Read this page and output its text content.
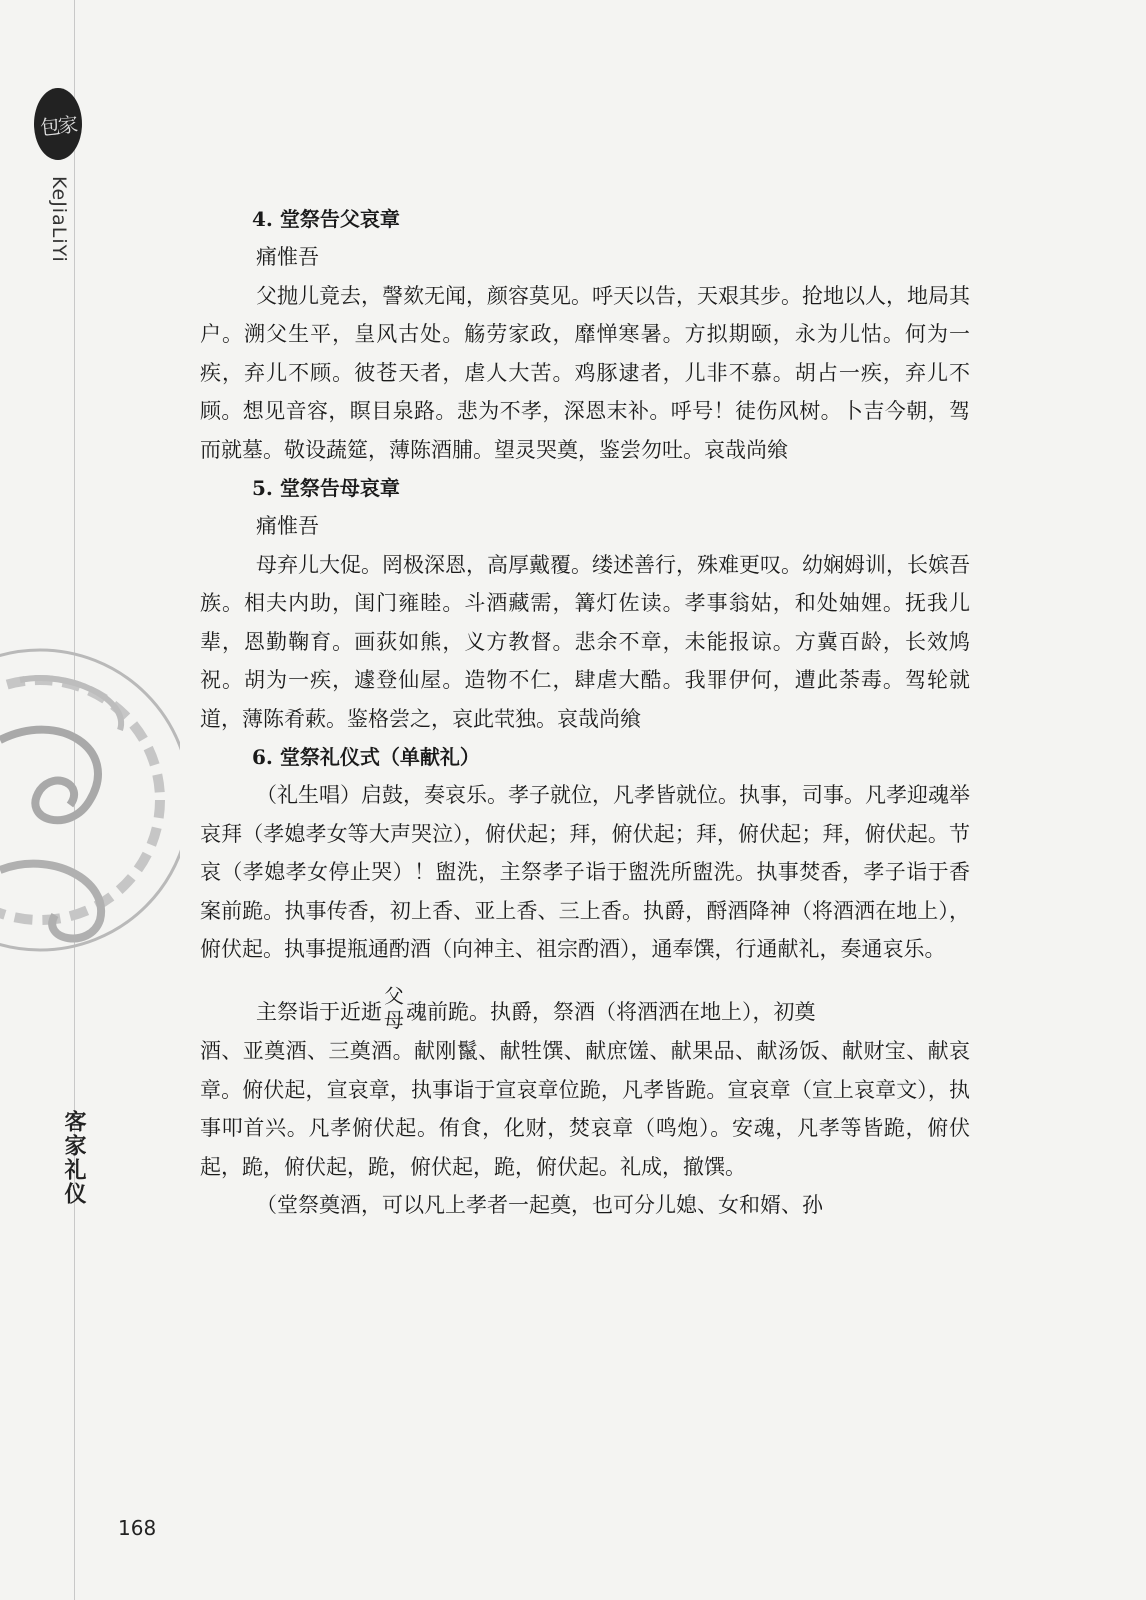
包家
KeJiaLiYi
客家礼仪
168

4. 堂祭告父哀章

痛惟吾

父抛儿竟去，謦欬无闻，颜容莫见。呼天以告，天艰其步。抢地以人，地局其户。溯父生平，皇风古处。觞劳家政，靡惮寒暑。方拟期颐，永为儿怙。何为一疾，弃儿不顾。彼苍天者，虐人大苦。鸡豚逮者，儿非不慕。胡占一疾，弃儿不顾。想见音容，瞑目泉路。悲为不孝，深恩末补。呼号！徒伤风树。卜吉今朝，驾而就墓。敬设蔬筵，薄陈酒脯。望灵哭奠，鉴尝勿吐。哀哉尚飨

5. 堂祭告母哀章

痛惟吾

母弃儿大促。罔极深恩，高厚戴覆。缕述善行，殊难更叹。幼娴姆训，长嫔吾族。相夫内助，闺门雍睦。斗酒藏需，篝灯佐读。孝事翁姑，和处妯娌。抚我儿辈，恩勤鞠育。画荻如熊，义方教督。悲余不章，未能报谅。方冀百龄，长效鸠祝。胡为一疾，遽登仙屋。造物不仁，肆虐大酷。我罪伊何，遭此荼毒。驾轮就道，薄陈肴蔌。鉴格尝之，哀此茕独。哀哉尚飨

6. 堂祭礼仪式（单献礼）

（礼生唱）启鼓，奏哀乐。孝子就位，凡孝皆就位。执事，司事。凡孝迎魂举哀拜（孝媳孝女等大声哭泣），俯伏起；拜，俯伏起；拜，俯伏起；拜，俯伏起。节哀（孝媳孝女停止哭）！盥洗，主祭孝子诣于盥洗所盥洗。执事焚香，孝子诣于香案前跪。执事传香，初上香、亚上香、三上香。执爵，酹酒降神（将酒洒在地上），俯伏起。执事提瓶通酌酒（向神主、祖宗酌酒），通奉馔，行通献礼，奏通哀乐。

主祭诣于近逝
父
母 魂前跪。执爵，祭酒（将酒洒在地上），初奠

酒、亚奠酒、三奠酒。献刚鬣、献牲馔、献庶馐、献果品、献汤饭、献财宝、献哀章。俯伏起，宣哀章，执事诣于宣哀章位跪，凡孝皆跪。宣哀章（宣上哀章文），执事叩首兴。凡孝俯伏起。侑食，化财，焚哀章（鸣炮）。安魂，凡孝等皆跪，俯伏起，跪，俯伏起，跪，俯伏起，跪，俯伏起。礼成，撤馔。

（堂祭奠酒，可以凡上孝者一起奠，也可分儿媳、女和婿、孙
